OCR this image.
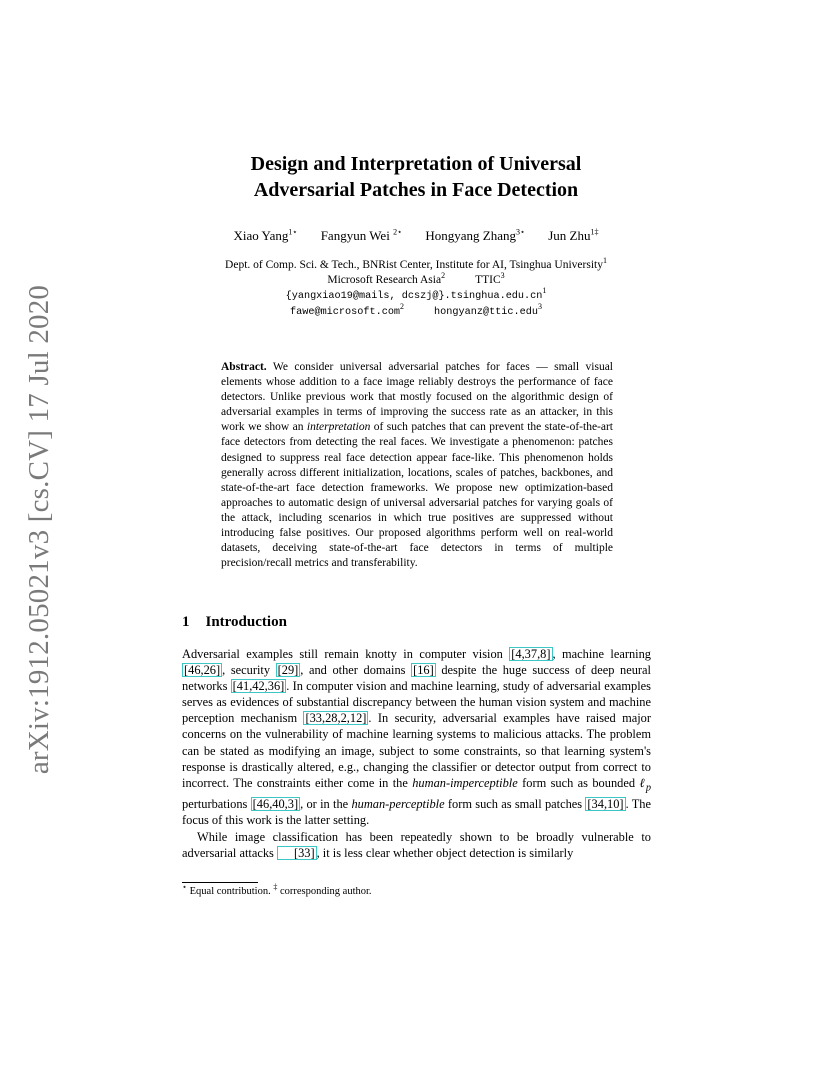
arXiv:1912.05021v3 [cs.CV] 17 Jul 2020
Design and Interpretation of Universal
Adversarial Patches in Face Detection
Xiao Yang$^{1⋆}$ Fangyun Wei $^{2⋆}$ Hongyang Zhang$^{3⋆}$ Jun Zhu$^{1\ddagger}$
Dept. of Comp. Sci. & Tech., BNRist Center, Institute for AI, Tsinghua University$^1$
Microsoft Research Asia$^2$	TTIC$^3$
{yangxiao19@mails, $dcszj@\}.tsinghua.edu.cn^1$
fawe@microsoft.com$^2$hongyanz@ttic.edu$^3$
Abstract. We consider universal adversarial patches for faces — small visual elements whose addition to a face image reliably destroys the performance of face detectors. Unlike previous work that mostly focused on the algorithmic design of adversarial examples in terms of improving the success rate as an attacker, in this work we show an interpretation of such patches that can prevent the state-of-the-art face detectors from detecting the real faces. We investigate a phenomenon: patches designed to suppress real face detection appear face-like. This phenomenon holds generally across different initialization, locations, scales of patches, backbones, and state-of-the-art face detection frameworks. We propose new optimization-based approaches to automatic design of universal adversarial patches for varying goals of the attack, including scenarios in which true positives are suppressed without introducing false positives. Our proposed algorithms perform well on real-world datasets, deceiving state-of-the-art face detectors in terms of multiple precision/recall metrics and transferability.
1 Introduction

Adversarial examples still remain knotty in computer vision [4,37,8] , machine learning [46,26] , security [29] , and other domains [16] despite the huge success of deep neural networks [41,42,36] . In computer vision and machine learning, study of adversarial examples serves as evidences of substantial discrepancy between the human vision system and machine perception mechanism [33,28,2,12] . In security, adversarial examples have raised major concerns on the vulnerability of machine learning systems to malicious attacks. The problem can be stated as modifying an image, subject to some constraints, so that learning system's response is drastically altered, e.g., changing the classifier or detector output from correct to incorrect. The constraints either come in the human-imperceptible form such as bounded ℓ$_p$ perturbations [46,40,3] , or in the human-perceptible form such as small patches [34,10] . The focus of this work is the latter setting.

While image classification has been repeatedly shown to be broadly vulnerable to adversarial attacks [33] , it is less clear whether object detection is similarly

⋆ Equal contribution. ‡ corresponding author.
